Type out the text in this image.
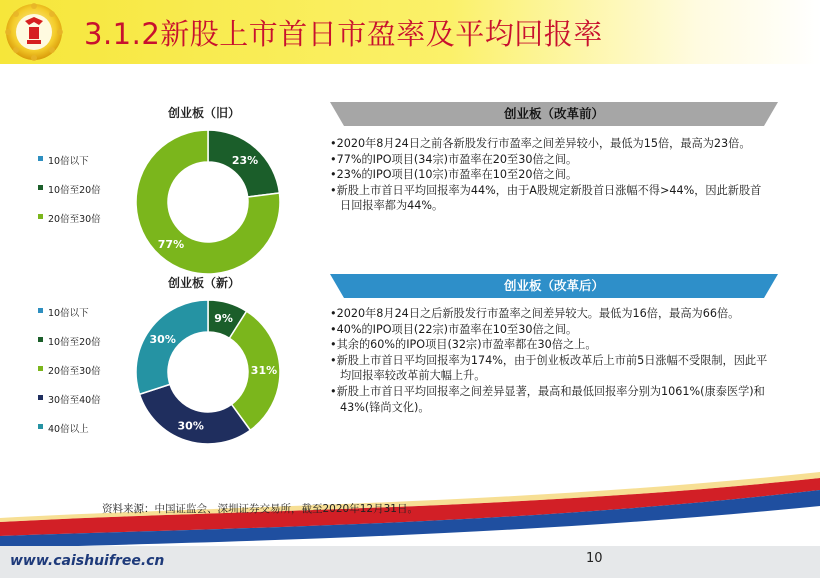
3.1.2新股上市首日市盈率及平均回报率
创业板（旧）
23%
77%
10倍以下
10倍至20倍
20倍至30倍
创业板（新）
9%
31%
30%
30%
10倍以下
10倍至20倍
20倍至30倍
30倍至40倍
40倍以上
创业板（改革前）
•2020年8月24日之前各新股发行市盈率之间差异较小，最低为15倍，最高为23倍。
•77%的IPO项目(34宗)市盈率在20至30倍之间。
•23%的IPO项目(10宗)市盈率在10至20倍之间。
•新股上市首日平均回报率为44%，由于A股规定新股首日涨幅不得>44%，因此新股首日回报率都为44%。
创业板（改革后）
•2020年8月24日之后新股发行市盈率之间差异较大。最低为16倍，最高为66倍。
•40%的IPO项目(22宗)市盈率在10至30倍之间。
•其余的60%的IPO项目(32宗)市盈率都在30倍之上。
•新股上市首日平均回报率为174%，由于创业板改革后上市前5日涨幅不受限制，因此平均回报率较改革前大幅上升。
•新股上市首日平均回报率之间差异显著，最高和最低回报率分别为1061%(康泰医学)和43%(锋尚文化)。
资料来源：中国证监会、深圳证券交易所，截至2020年12月31日。
www.caishuifree.cn	10
